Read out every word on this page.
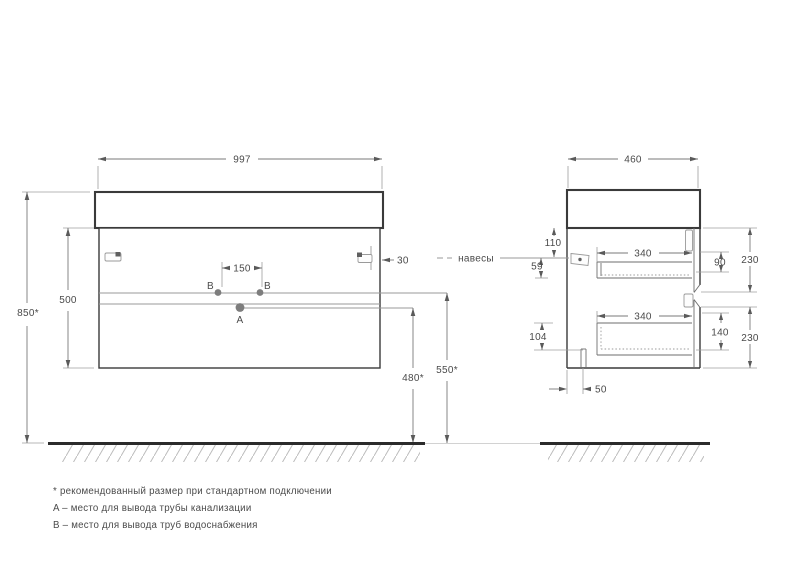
997
850*
500
150
30
B	B
A
550*
480*
460
навесы
110
59
340
340
104
50
90 230
140 230
* рекомендованный размер при стандартном подключении
A – место для вывода трубы канализации
B – место для вывода труб водоснабжения
